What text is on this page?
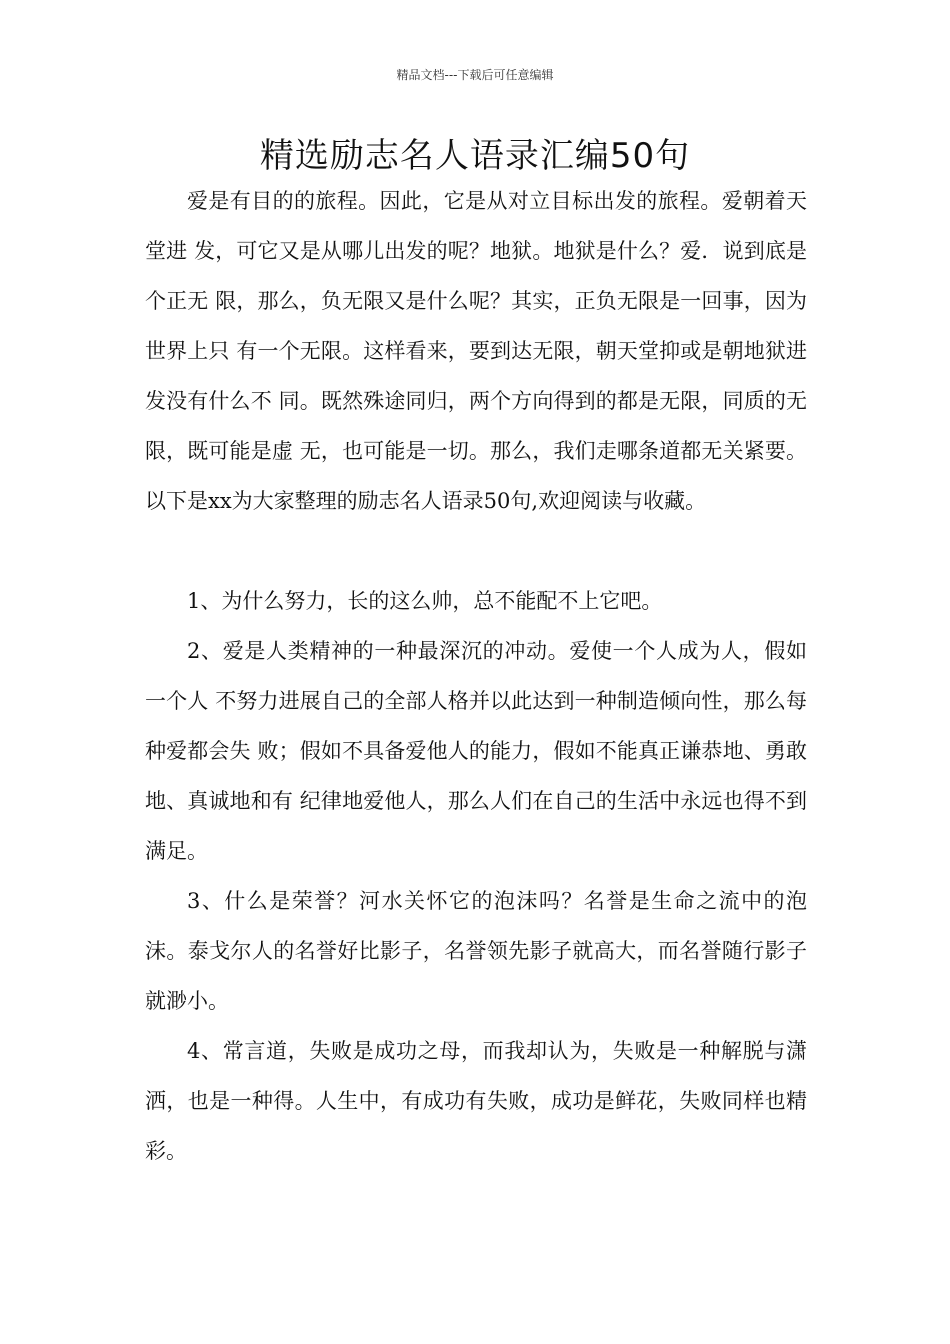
精品文档---下载后可任意编辑
精选励志名人语录汇编50句

爱是有目的的旅程。因此，它是从对立目标出发的旅程。爱朝着天堂进 发，可它又是从哪儿出发的呢？地狱。地狱是什么？爱．说到底是个正无 限，那么，负无限又是什么呢？其实，正负无限是一回事，因为世界上只 有一个无限。这样看来，要到达无限，朝天堂抑或是朝地狱进发没有什么不 同。既然殊途同归，两个方向得到的都是无限，同质的无限，既可能是虚 无，也可能是一切。那么，我们走哪条道都无关紧要。以下是xx为大家整理的励志名人语录50句,欢迎阅读与收藏。

1、为什么努力，长的这么帅，总不能配不上它吧。

2、爱是人类精神的一种最深沉的冲动。爱使一个人成为人，假如一个人 不努力进展自己的全部人格并以此达到一种制造倾向性，那么每种爱都会失 败；假如不具备爱他人的能力，假如不能真正谦恭地、勇敢地、真诚地和有 纪律地爱他人，那么人们在自己的生活中永远也得不到满足。

3、什么是荣誉？河水关怀它的泡沫吗？名誉是生命之流中的泡沫。泰戈尔人的名誉好比影子，名誉领先影子就高大，而名誉随行影子就渺小。

4、常言道，失败是成功之母，而我却认为，失败是一种解脱与潇洒，也是一种得。人生中，有成功有失败，成功是鲜花，失败同样也精彩。
